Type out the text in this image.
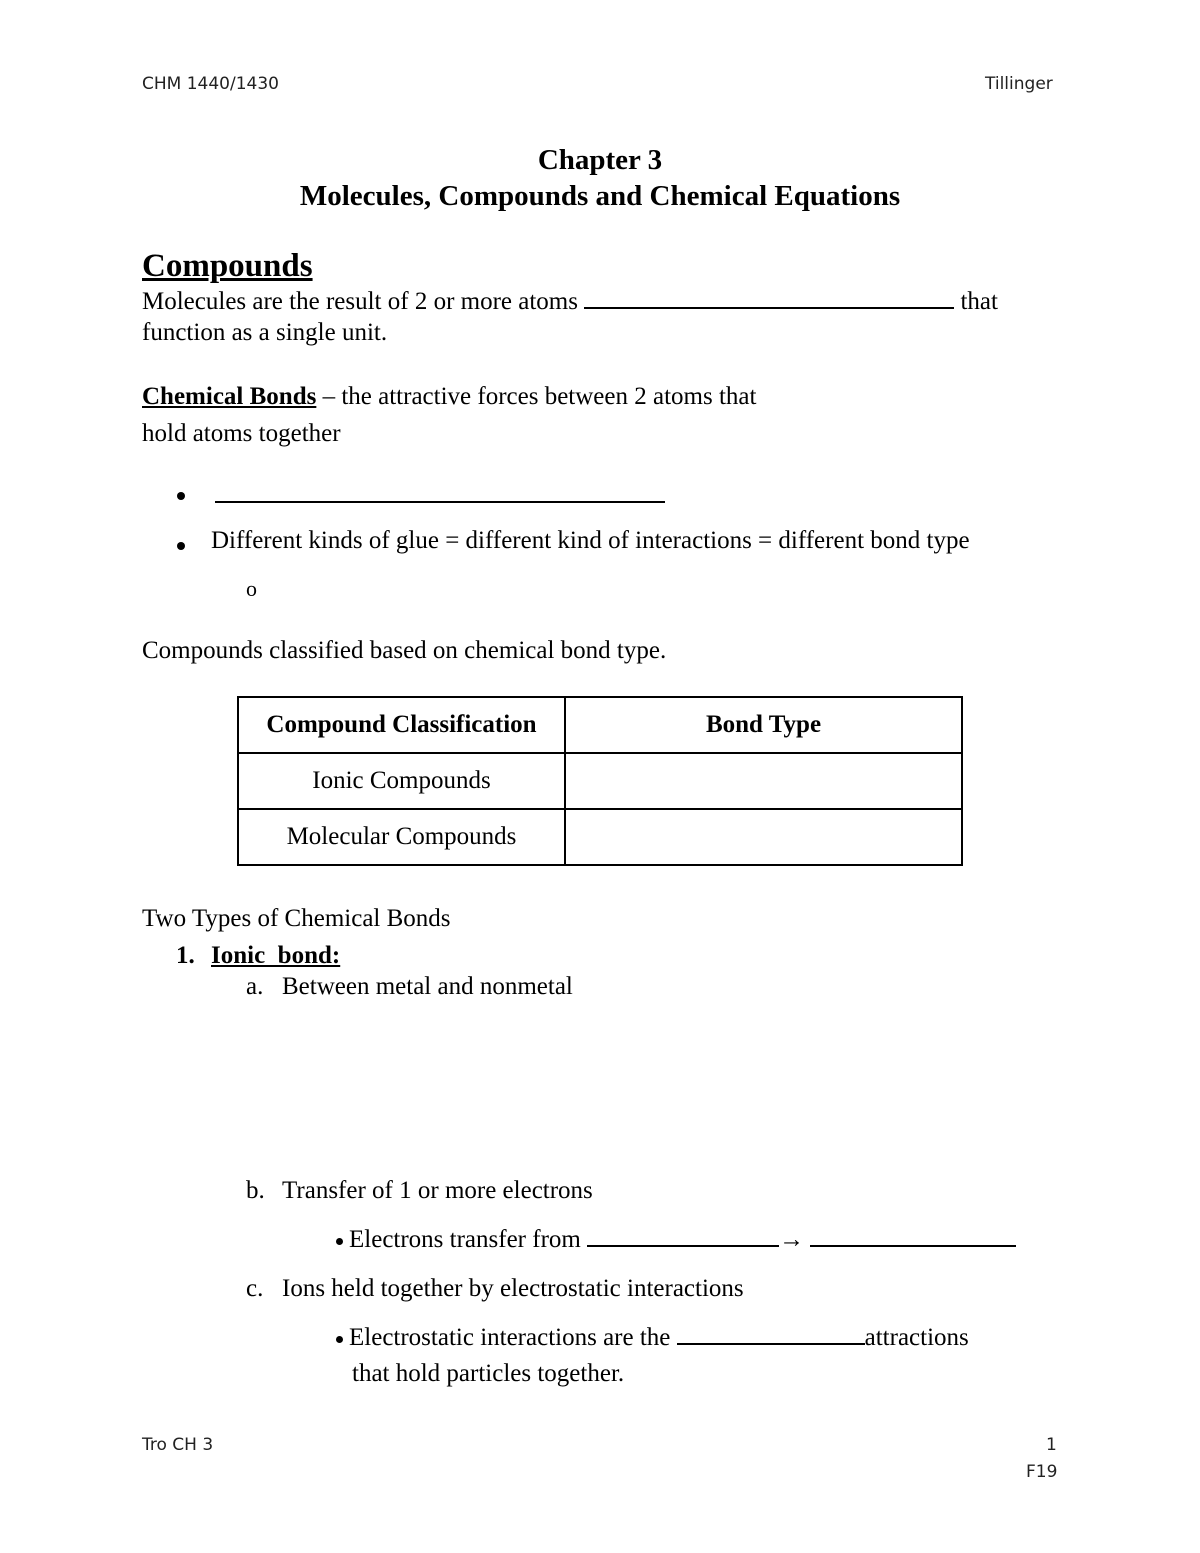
CHM 1440/1430	Tillinger
Chapter 3
Molecules, Compounds and Chemical Equations
Compounds
Molecules are the result of 2 or more atoms	that
function as a single unit.
Chemical Bonds – the attractive forces between 2 atoms that
hold atoms together
Different kinds of glue = different kind of interactions = different bond type
o
Compounds classified based on chemical bond type.
Compound Classification	Bond Type
Ionic Compounds	
Molecular Compounds	
Two Types of Chemical Bonds
1. Ionic  bond:
a. Between metal and nonmetal
b. Transfer of 1 or more electrons
Electrons transfer from	→
c. Ions held together by electrostatic interactions
Electrostatic interactions are the	attractions
that hold particles together.
Tro CH 3	1
F19
